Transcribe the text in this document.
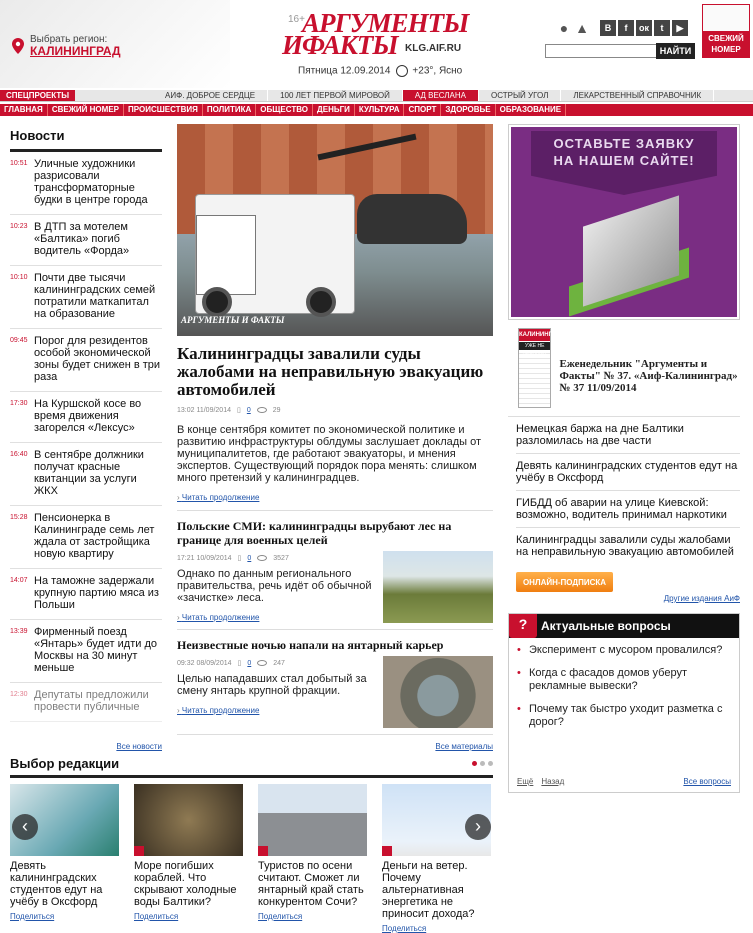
Выбрать регион:
КАЛИНИНГРАД
16+
АРГУМЕНТЫ
ИФАКТЫ KLG.AIF.RU
Пятница 12.09.2014 +23°, Ясно
● ▲	В	f	ок	t	▶
НАЙТИ
СВЕЖИЙ НОМЕР
СПЕЦПРОЕКТЫ	АИФ. ДОБРОЕ СЕРДЦЕ	100 ЛЕТ ПЕРВОЙ МИРОВОЙ	АД ВЕСЛАНА	ОСТРЫЙ УГОЛ	ЛЕКАРСТВЕННЫЙ СПРАВОЧНИК
ГЛАВНАЯ	СВЕЖИЙ НОМЕР	ПРОИСШЕСТВИЯ	ПОЛИТИКА	ОБЩЕСТВО	ДЕНЬГИ	КУЛЬТУРА	СПОРТ	ЗДОРОВЬЕ	ОБРАЗОВАНИЕ
Новости
10:51 Уличные художники разрисовали трансформаторные будки в центре города
10:23 В ДТП за мотелем «Балтика» погиб водитель «Форда»
10:10 Почти две тысячи калининградских семей потратили маткапитал на образование
09:45 Порог для резидентов особой экономической зоны будет снижен в три раза
17:30 На Куршской косе во время движения загорелся «Лексус»
16:40 В сентябре должники получат красные квитанции за услуги ЖКХ
15:28 Пенсионерка в Калининграде семь лет ждала от застройщика новую квартиру
14:07 На таможне задержали крупную партию мяса из Польши
13:39 Фирменный поезд «Янтарь» будет идти до Москвы на 30 минут меньше
12:30 Депутаты предложили провести публичные
Все новости
АРГУМЕНТЫ И ФАКТЫ
Калининградцы завалили суды жалобами на неправильную эвакуацию автомобилей
13:02 11/09/2014 ▯ 0	29
В конце сентября комитет по экономической политике и развитию инфраструктуры облдумы заслушает доклады от муниципалитетов, где работают эвакуаторы, и мнения экспертов. Существующий порядок пора менять: слишком много претензий у калининградцев.
› Читать продолжение
Польские СМИ: калининградцы вырубают лес на границе для военных целей
17:21 10/09/2014 ▯ 0	3527
Однако по данным регионального правительства, речь идёт об обычной «зачистке» леса.
› Читать продолжение
Неизвестные ночью напали на янтарный карьер
09:32 08/09/2014 ▯ 0	247
Целью нападавших стал добытый за смену янтарь крупной фракции.
› Читать продолжение
Все материалы
ОСТАВЬТЕ ЗАЯВКУ НА НАШЕМ САЙТЕ!
КАЛИНИНГРАД
УЖЕ НЕ ВЕЧНЫЙ?
Еженедельник "Аргументы и Факты" № 37. «Аиф-Калининград» № 37 11/09/2014
Немецкая баржа на дне Балтики разломилась на две части
Девять калининградских студентов едут на учёбу в Оксфорд
ГИБДД об аварии на улице Киевской: возможно, водитель принимал наркотики
Калининградцы завалили суды жалобами на неправильную эвакуацию автомобилей
ОНЛАЙН-ПОДПИСКА
Другие издания АиФ
?	Актуальные вопросы
• Эксперимент с мусором провалился?
• Когда с фасадов домов уберут рекламные вывески?
• Почему так быстро уходит разметка с дорог?
Ещё Назад	Все вопросы
Выбор редакции
Девять калининградских студентов едут на учёбу в Оксфорд
Поделиться
Море погибших кораблей. Что скрывают холодные воды Балтики?
Поделиться
Туристов по осени считают. Сможет ли янтарный край стать конкурентом Сочи?
Поделиться
Деньги на ветер. Почему альтернативная энергетика не приносит дохода?
Поделиться
‹	›
